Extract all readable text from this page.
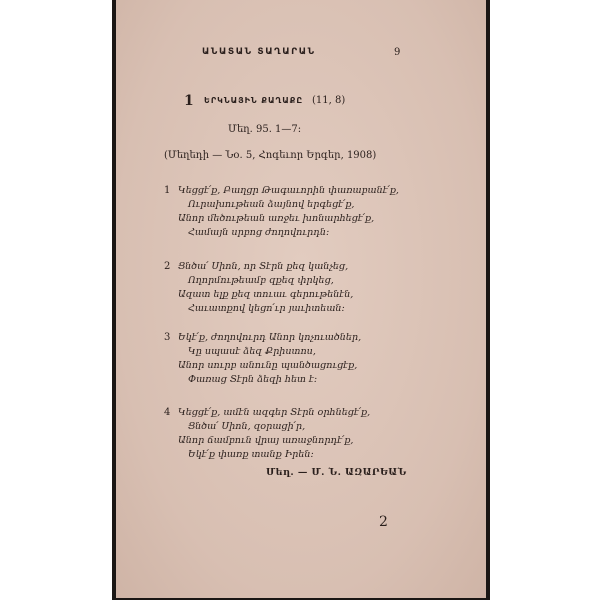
ԱՆԱՏԱՆ ՏԱՂԱՐԱՆ	9
1 ԵՐԿՆԱՅԻՆ ՔԱՂԱՔԸ (11, 8)
Մեղ. 95. 1—7։
(Մեղեդի — Նօ. 5, Հոգեւոր Երգեր, 1908)
1 Կեցցէ՛ք, Բաղցր Թագաւորին փառաբանէ՛ք,
Ուրախութեան ձայնով երգեցէ՛ք,
Անոր մեծութեան առջեւ խոնարհեցէ՛ք,
Համայն սրբոց ժողովուրդն։
2 Ցնծա՛ Սիոն, որ Տէրն քեզ կանչեց,
Ողորմութեամբ զքեզ փրկեց,
Ազատ ելք քեզ տուաւ գերութենէն,
Հաւատքով կեցո՛ւր յաւիտեան։
3 Եկէ՛ք, ժողովուրդ Անոր կոչուածներ,
Կը սպասէ ձեզ Քրիստոս,
Անոր սուրբ անունը պանծացուցէք,
Փառաց Տէրն ձեզի հետ է։
4 Կեցցէ՛ք, ամէն ազգեր Տէրն օրհնեցէ՛ք,
Ցնծա՛ Սիոն, զօրացի՛ր,
Անոր ճամբուն վրայ առաջնորդէ՛ք,
Եկէ՛ք փառք տանք Իրեն։
Մեղ. — Մ. Ն. ԱԶԱՐԵԱՆ
2
